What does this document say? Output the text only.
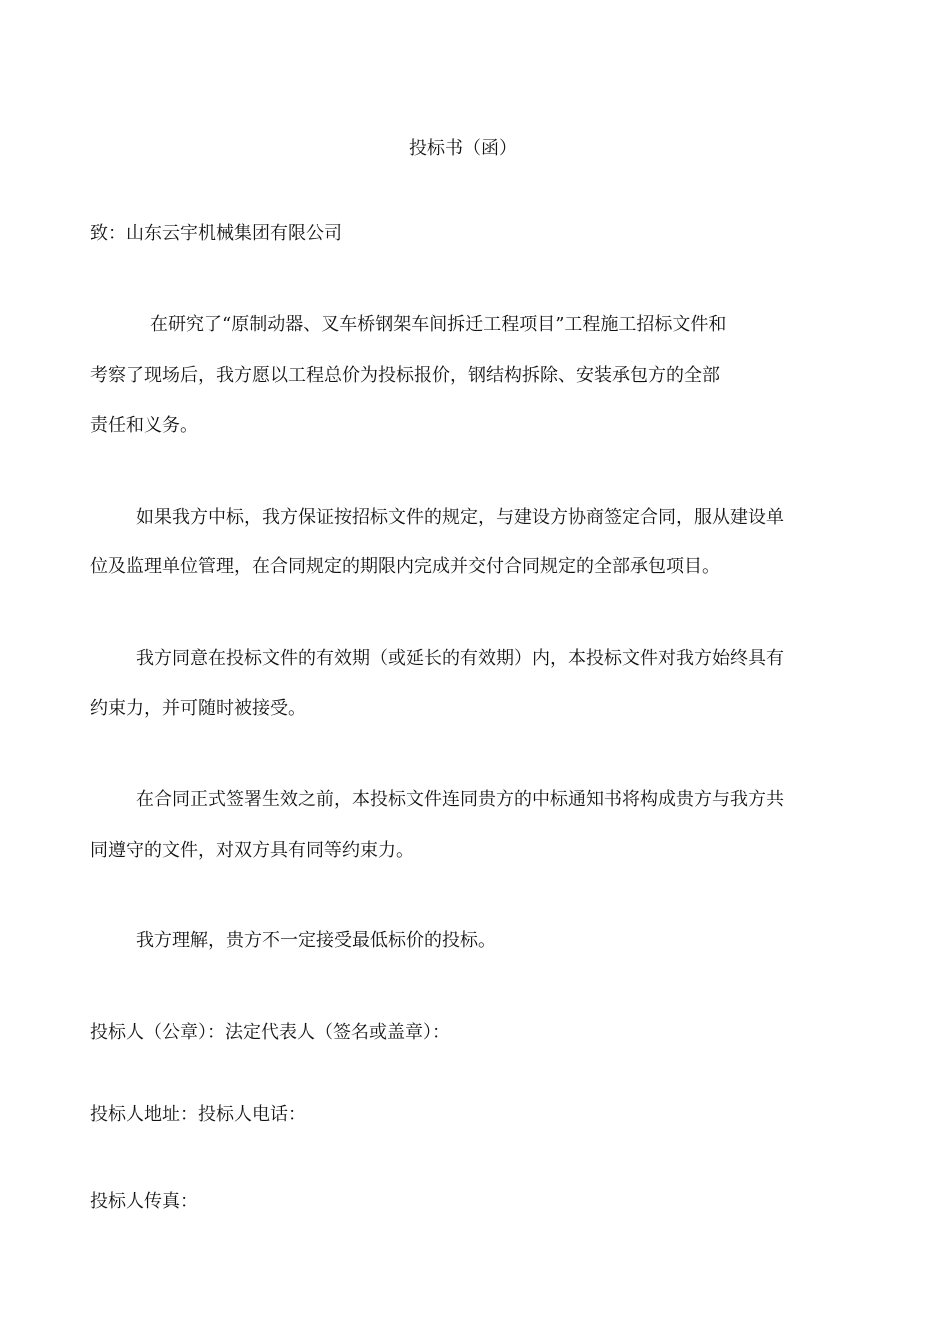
投标书（函）

致：山东云宇机械集团有限公司

在研究了“原制动器、叉车桥钢架车间拆迁工程项目”工程施工招标文件和

考察了现场后，我方愿以工程总价为投标报价，钢结构拆除、安装承包方的全部

责任和义务。

如果我方中标，我方保证按招标文件的规定，与建设方协商签定合同，服从建设单

位及监理单位管理，在合同规定的期限内完成并交付合同规定的全部承包项目。

我方同意在投标文件的有效期（或延长的有效期）内，本投标文件对我方始终具有

约束力，并可随时被接受。

在合同正式签署生效之前，本投标文件连同贵方的中标通知书将构成贵方与我方共

同遵守的文件，对双方具有同等约束力。

我方理解，贵方不一定接受最低标价的投标。

投标人（公章）：法定代表人（签名或盖章）：

投标人地址：投标人电话：

投标人传真：
